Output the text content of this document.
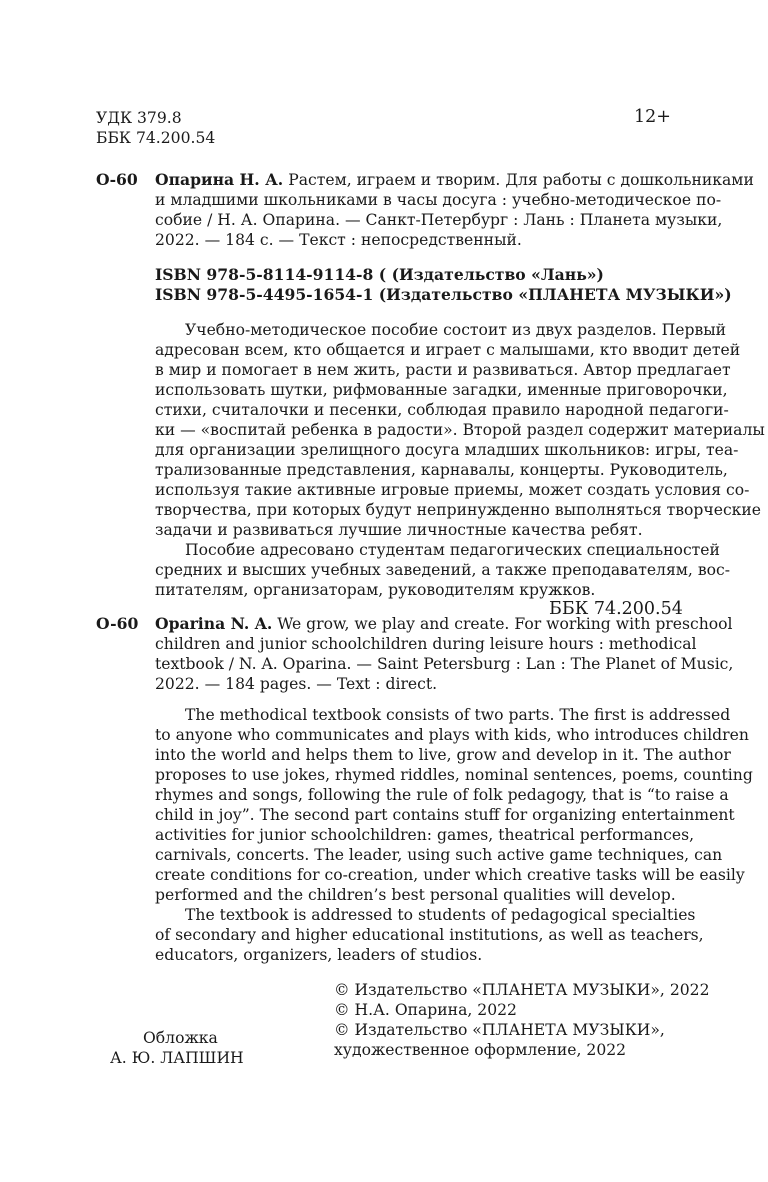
УДК 379.8
ББК 74.200.54
12+
О-60 Опарина Н. А. Растем, играем и творим. Для работы с дошкольниками
и младшими школьниками в часы досуга : учебно-методическое по-
собие / Н. А. Опарина. — Санкт-Петербург : Лань : Планета музыки,
2022. — 184 с. — Текст : непосредственный.
ISBN 978-5-8114-9114-8 ( (Издательство «Лань»)
ISBN 978-5-4495-1654-1 (Издательство «ПЛАНЕТА МУЗЫКИ»)
Учебно-методическое пособие состоит из двух разделов. Первый
адресован всем, кто общается и играет с малышами, кто вводит детей
в мир и помогает в нем жить, расти и развиваться. Автор предлагает
использовать шутки, рифмованные загадки, именные приговорочки,
стихи, считалочки и песенки, соблюдая правило народной педагоги-
ки — «воспитай ребенка в радости». Второй раздел содержит материалы
для организации зрелищного досуга младших школьников: игры, теа-
трализованные представления, карнавалы, концерты. Руководитель,
используя такие активные игровые приемы, может создать условия со-
творчества, при которых будут непринужденно выполняться творческие
задачи и развиваться лучшие личностные качества ребят.
Пособие адресовано студентам педагогических специальностей
средних и высших учебных заведений, а также преподавателям, вос-
питателям, организаторам, руководителям кружков.
ББК 74.200.54
O-60 Oparina N. A. We grow, we play and create. For working with preschool
children and junior schoolchildren during leisure hours : methodical
textbook / N. A. Oparina. — Saint Petersburg : Lan : The Planet of Music,
2022. — 184 pages. — Text : direct.
The methodical textbook consists of two parts. The first is addressed
to anyone who communicates and plays with kids, who introduces children
into the world and helps them to live, grow and develop in it. The author
proposes to use jokes, rhymed riddles, nominal sentences, poems, counting
rhymes and songs, following the rule of folk pedagogy, that is “to raise a
child in joy”. The second part contains stuff for organizing entertainment
activities for junior schoolchildren: games, theatrical performances,
carnivals, concerts. The leader, using such active game techniques, can
create conditions for co-creation, under which creative tasks will be easily
performed and the children’s best personal qualities will develop.
The textbook is addressed to students of pedagogical specialties
of secondary and higher educational institutions, as well as teachers,
educators, organizers, leaders of studios.
Обложка
А. Ю. ЛАПШИН
© Издательство «ПЛАНЕТА МУЗЫКИ», 2022
© Н.А. Опарина, 2022
© Издательство «ПЛАНЕТА МУЗЫКИ»,
художественное оформление, 2022
